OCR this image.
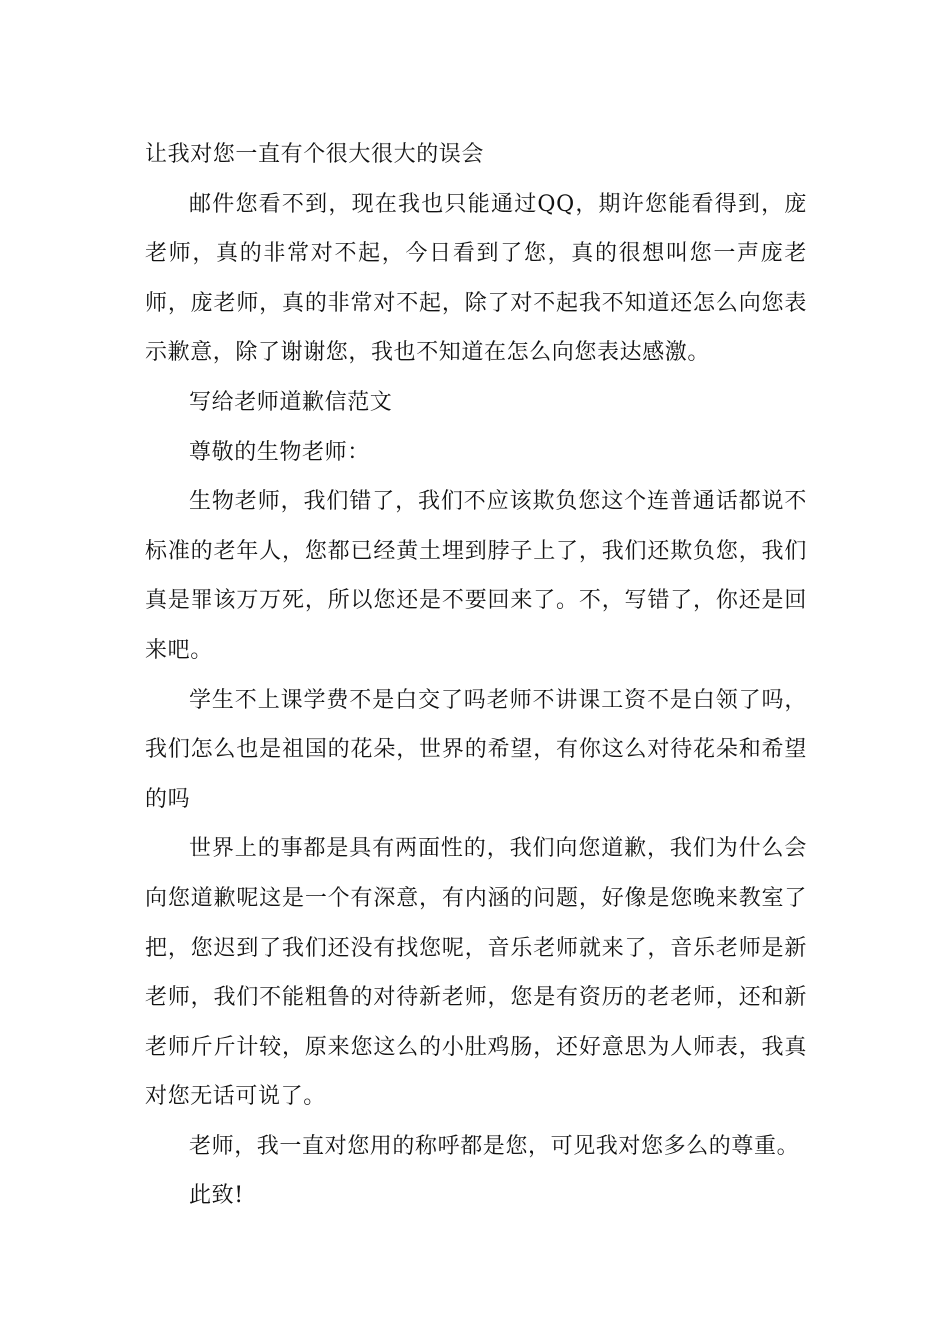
让我对您一直有个很大很大的误会

邮件您看不到，现在我也只能通过QQ，期许您能看得到，庞老师，真的非常对不起，今日看到了您，真的很想叫您一声庞老师，庞老师，真的非常对不起，除了对不起我不知道还怎么向您表示歉意，除了谢谢您，我也不知道在怎么向您表达感激。

写给老师道歉信范文

尊敬的生物老师：

生物老师，我们错了，我们不应该欺负您这个连普通话都说不标准的老年人，您都已经黄土埋到脖子上了，我们还欺负您，我们真是罪该万万死，所以您还是不要回来了。不，写错了，你还是回来吧。

学生不上课学费不是白交了吗老师不讲课工资不是白领了吗，我们怎么也是祖国的花朵，世界的希望，有你这么对待花朵和希望的吗

世界上的事都是具有两面性的，我们向您道歉，我们为什么会向您道歉呢这是一个有深意，有内涵的问题，好像是您晚来教室了把，您迟到了我们还没有找您呢，音乐老师就来了，音乐老师是新老师，我们不能粗鲁的对待新老师，您是有资历的老老师，还和新老师斤斤计较，原来您这么的小肚鸡肠，还好意思为人师表，我真对您无话可说了。

老师，我一直对您用的称呼都是您，可见我对您多么的尊重。

此致!
